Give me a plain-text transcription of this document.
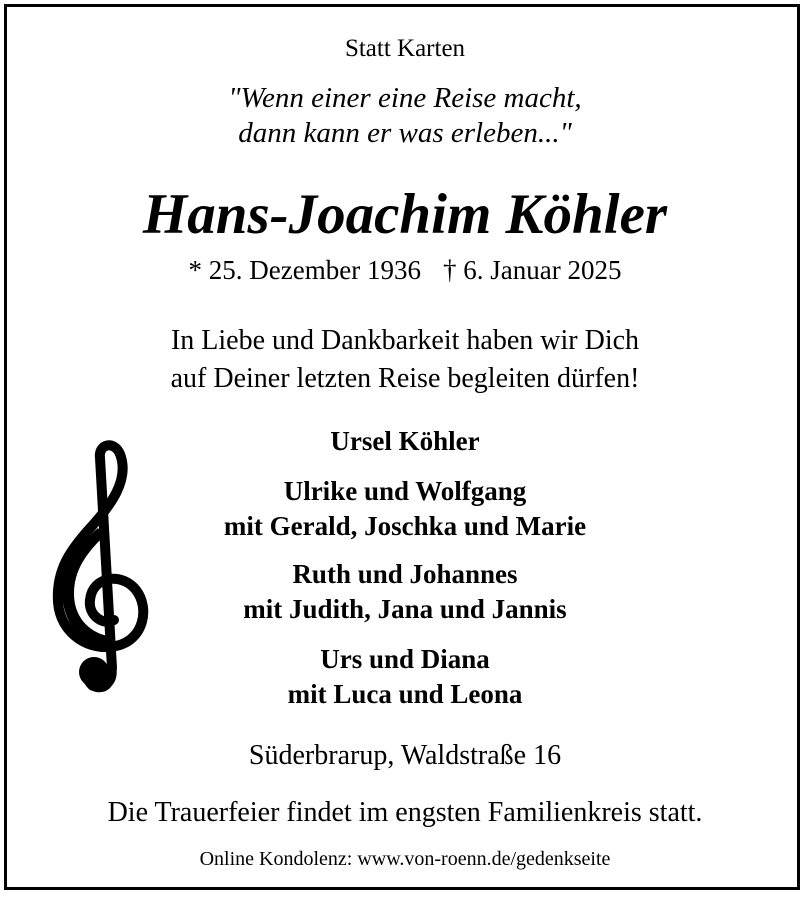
Statt Karten
"Wenn einer eine Reise macht,
dann kann er was erleben..."
Hans-Joachim Köhler
* 25. Dezember 1936 † 6. Januar 2025
In Liebe und Dankbarkeit haben wir Dich
auf Deiner letzten Reise begleiten dürfen!
Ursel Köhler
Ulrike und Wolfgang
mit Gerald, Joschka und Marie
Ruth und Johannes
mit Judith, Jana und Jannis
Urs und Diana
mit Luca und Leona
Süderbrarup, Waldstraße 16
Die Trauerfeier findet im engsten Familienkreis statt.
Online Kondolenz: www.von-roenn.de/gedenkseite
